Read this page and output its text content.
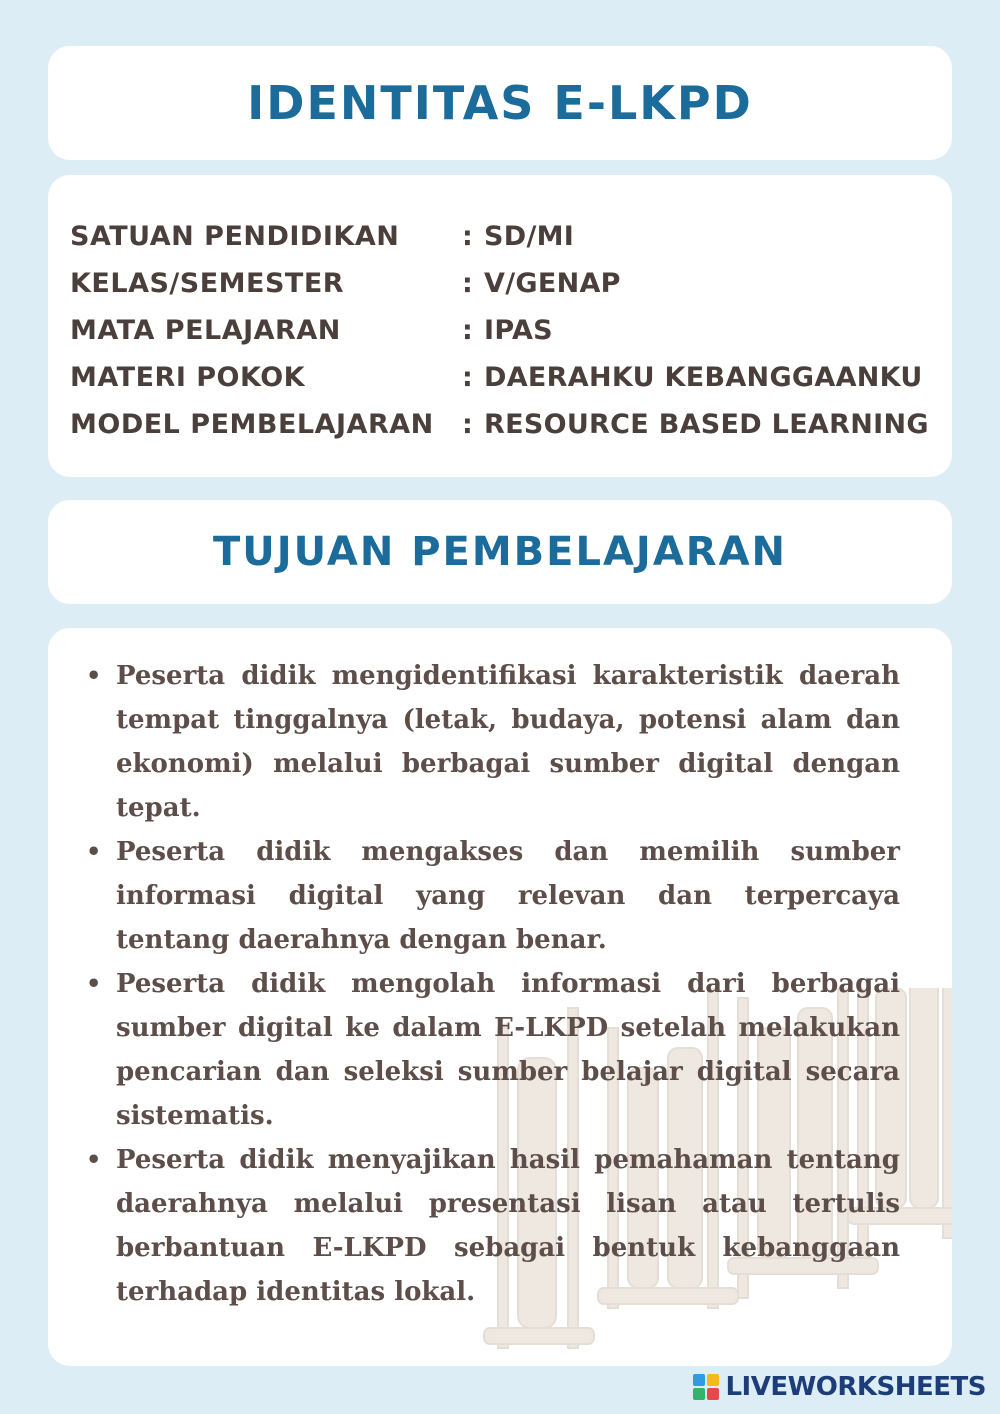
IDENTITAS E-LKPD
SATUAN PENDIDIKAN	: SD/MI
KELAS/SEMESTER	: V/GENAP
MATA PELAJARAN	: IPAS
MATERI POKOK	: DAERAHKU KEBANGGAANKU
MODEL PEMBELAJARAN	: RESOURCE BASED LEARNING
TUJUAN PEMBELAJARAN
• Peserta didik mengidentifikasi karakteristik daerah tempat tinggalnya (letak, budaya, potensi alam dan ekonomi) melalui berbagai sumber digital dengan tepat.
• Peserta didik mengakses dan memilih sumber informasi digital yang relevan dan terpercaya tentang daerahnya dengan benar.
• Peserta didik mengolah informasi dari berbagai sumber digital ke dalam E-LKPD setelah melakukan pencarian dan seleksi sumber belajar digital secara sistematis.
• Peserta didik menyajikan hasil pemahaman tentang daerahnya melalui presentasi lisan atau tertulis berbantuan E-LKPD sebagai bentuk kebanggaan terhadap identitas lokal.
LIVEWORKSHEETS
